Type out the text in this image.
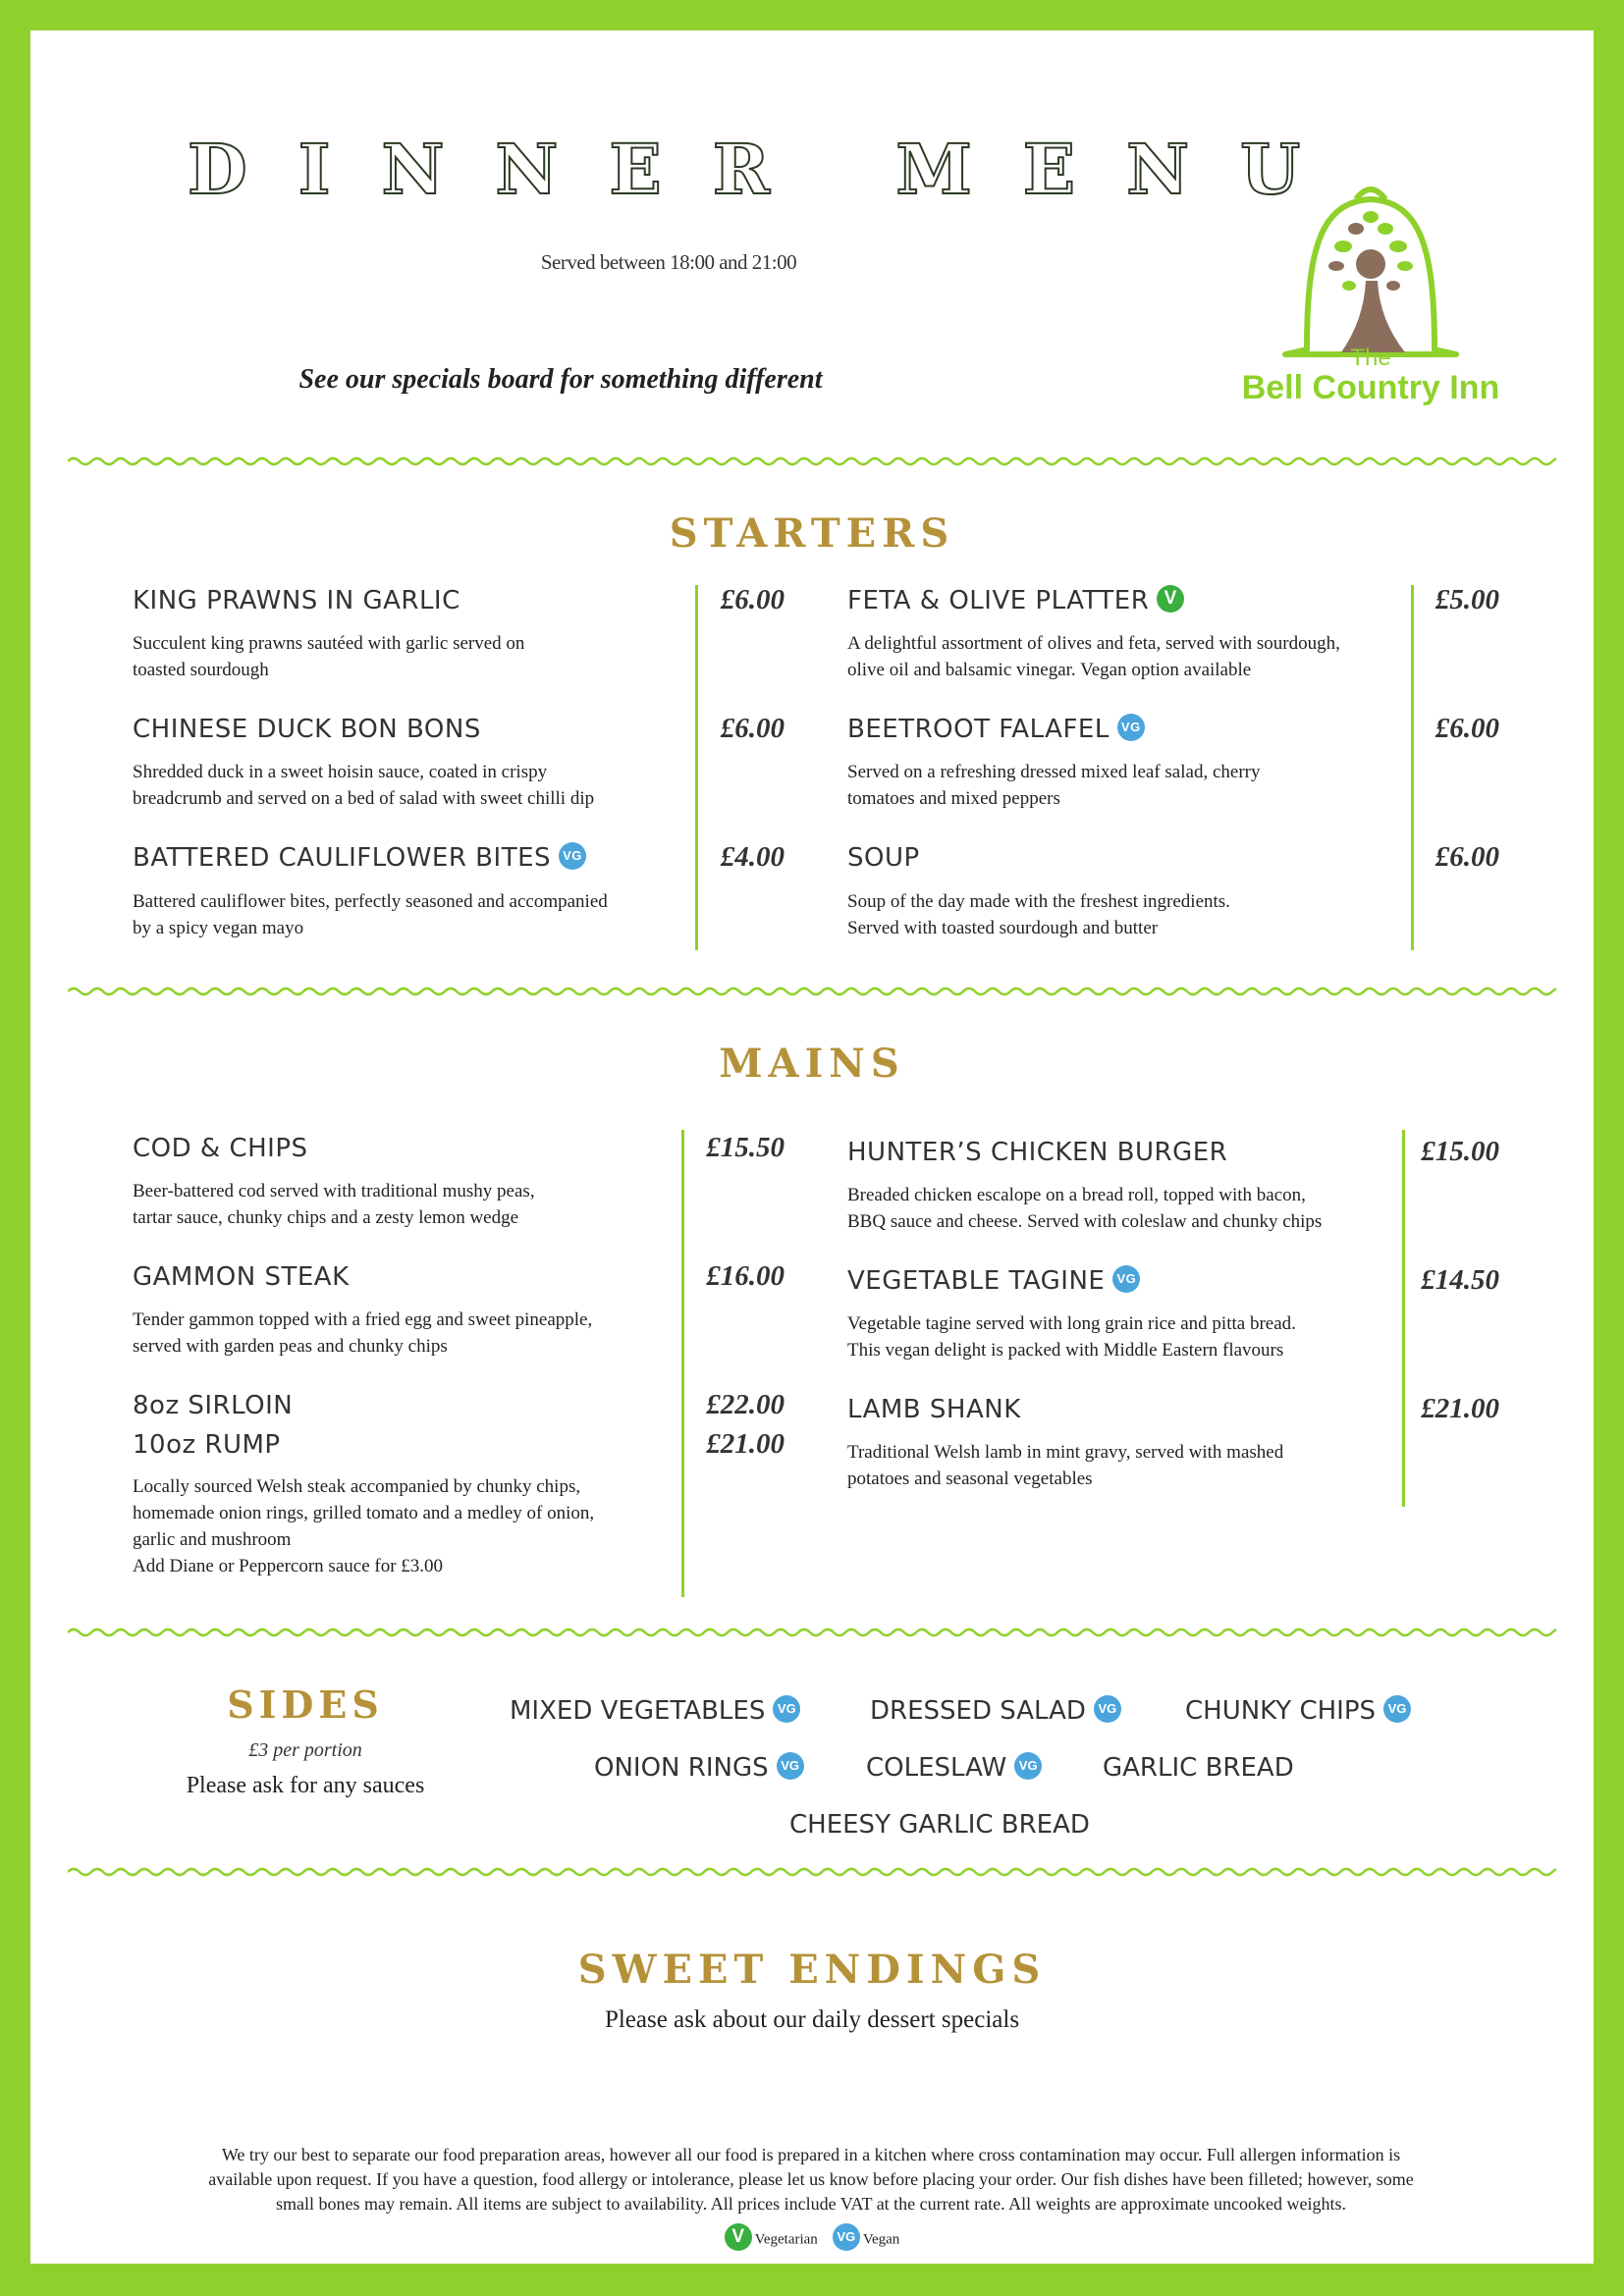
DINNER MENU
Served between 18:00 and 21:00
See our specials board for something different
The
Bell Country Inn
STARTERS
KING PRAWNS IN GARLIC	£6.00
Succulent king prawns sautéed with garlic served on
toasted sourdough
CHINESE DUCK BON BONS	£6.00
Shredded duck in a sweet hoisin sauce, coated in crispy
breadcrumb and served on a bed of salad with sweet chilli dip
BATTERED CAULIFLOWER BITES VG	£4.00
Battered cauliflower bites, perfectly seasoned and accompanied
by a spicy vegan mayo
FETA & OLIVE PLATTER V	£5.00
A delightful assortment of olives and feta, served with sourdough,
olive oil and balsamic vinegar. Vegan option available
BEETROOT FALAFEL VG	£6.00
Served on a refreshing dressed mixed leaf salad, cherry
tomatoes and mixed peppers
SOUP	£6.00
Soup of the day made with the freshest ingredients.
Served with toasted sourdough and butter
MAINS
COD & CHIPS	£15.50
Beer-battered cod served with traditional mushy peas,
tartar sauce, chunky chips and a zesty lemon wedge
GAMMON STEAK	£16.00
Tender gammon topped with a fried egg and sweet pineapple,
served with garden peas and chunky chips
8oz SIRLOIN	£22.00
10oz RUMP	£21.00
Locally sourced Welsh steak accompanied by chunky chips,
homemade onion rings, grilled tomato and a medley of onion,
garlic and mushroom
Add Diane or Peppercorn sauce for £3.00
HUNTER’S CHICKEN BURGER	£15.00
Breaded chicken escalope on a bread roll, topped with bacon,
BBQ sauce and cheese. Served with coleslaw and chunky chips
VEGETABLE TAGINE VG	£14.50
Vegetable tagine served with long grain rice and pitta bread.
This vegan delight is packed with Middle Eastern flavours
LAMB SHANK	£21.00
Traditional Welsh lamb in mint gravy, served with mashed
potatoes and seasonal vegetables
SIDES
£3 per portion
Please ask for any sauces
MIXED VEGETABLES VG	DRESSED SALAD VG	CHUNKY CHIPS VG
ONION RINGS VG	COLESLAW VG	GARLIC BREAD
CHEESY GARLIC BREAD
SWEET ENDINGS
Please ask about our daily dessert specials
We try our best to separate our food preparation areas, however all our food is prepared in a kitchen where cross contamination may occur. Full allergen information is
available upon request. If you have a question, food allergy or intolerance, please let us know before placing your order. Our fish dishes have been filleted; however, some
small bones may remain. All items are subject to availability. All prices include VAT at the current rate. All weights are approximate uncooked weights.
V Vegetarian VG Vegan
